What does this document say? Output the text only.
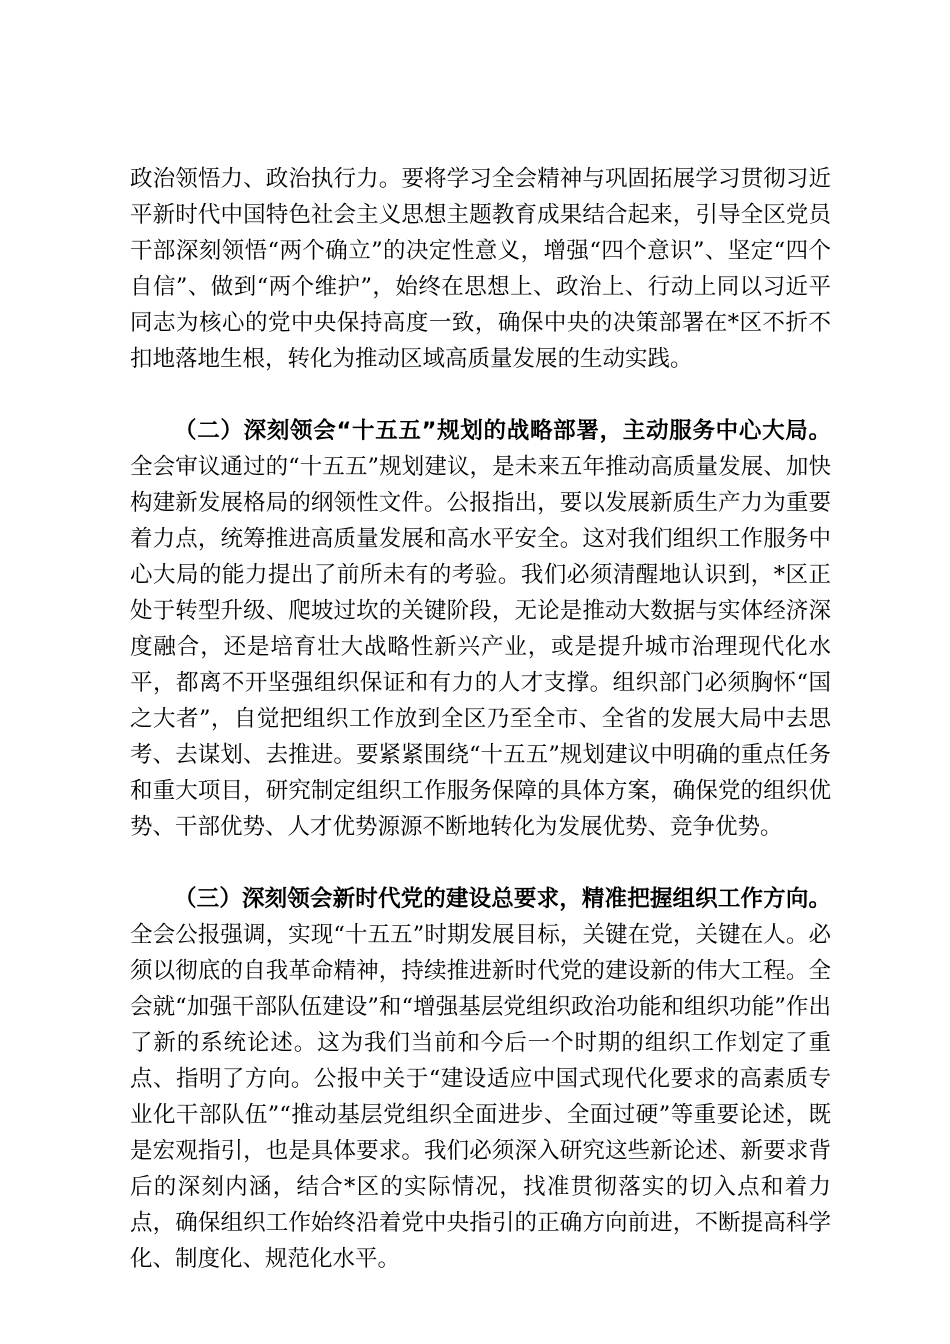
政治领悟力、政治执行力。要将学习全会精神与巩固拓展学习贯彻习近平新时代中国特色社会主义思想主题教育成果结合起来，引导全区党员干部深刻领悟“两个确立”的决定性意义，增强“四个意识”、坚定“四个自信”、做到“两个维护”，始终在思想上、政治上、行动上同以习近平同志为核心的党中央保持高度一致，确保中央的决策部署在*区不折不扣地落地生根，转化为推动区域高质量发展的生动实践。

（二）深刻领会“十五五”规划的战略部署，主动服务中心大局。全会审议通过的“十五五”规划建议，是未来五年推动高质量发展、加快构建新发展格局的纲领性文件。公报指出，要以发展新质生产力为重要着力点，统筹推进高质量发展和高水平安全。这对我们组织工作服务中心大局的能力提出了前所未有的考验。我们必须清醒地认识到，*区正处于转型升级、爬坡过坎的关键阶段，无论是推动大数据与实体经济深度融合，还是培育壮大战略性新兴产业，或是提升城市治理现代化水平，都离不开坚强组织保证和有力的人才支撑。组织部门必须胸怀“国之大者”，自觉把组织工作放到全区乃至全市、全省的发展大局中去思考、去谋划、去推进。要紧紧围绕“十五五”规划建议中明确的重点任务和重大项目，研究制定组织工作服务保障的具体方案，确保党的组织优势、干部优势、人才优势源源不断地转化为发展优势、竞争优势。

（三）深刻领会新时代党的建设总要求，精准把握组织工作方向。全会公报强调，实现“十五五”时期发展目标，关键在党，关键在人。必须以彻底的自我革命精神，持续推进新时代党的建设新的伟大工程。全会就“加强干部队伍建设”和“增强基层党组织政治功能和组织功能”作出了新的系统论述。这为我们当前和今后一个时期的组织工作划定了重点、指明了方向。公报中关于“建设适应中国式现代化要求的高素质专业化干部队伍”“推动基层党组织全面进步、全面过硬”等重要论述，既是宏观指引，也是具体要求。我们必须深入研究这些新论述、新要求背后的深刻内涵，结合*区的实际情况，找准贯彻落实的切入点和着力点，确保组织工作始终沿着党中央指引的正确方向前进，不断提高科学化、制度化、规范化水平。
